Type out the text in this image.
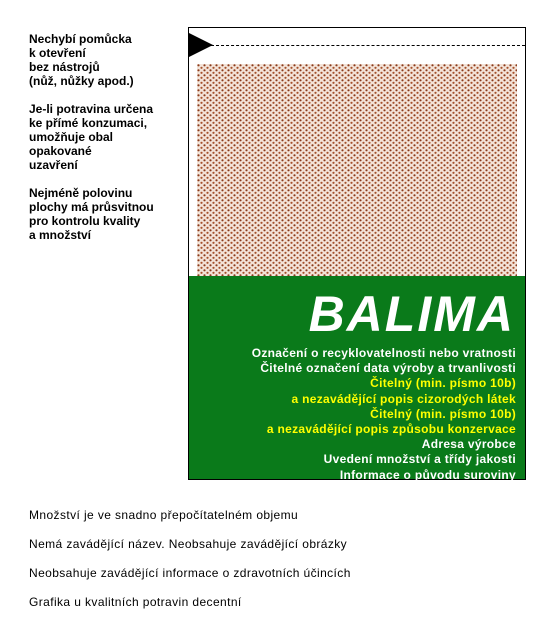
Nechybí pomůcka
k otevření
bez nástrojů
(nůž, nůžky apod.)
Je-li potravina určena
ke přímé konzumaci,
umožňuje obal
opakované
uzavření
Nejméně polovinu
plochy má průsvitnou
pro kontrolu kvality
a množství
BALIMA
Označení o recyklovatelnosti nebo vratnosti
Čitelné označení data výroby a trvanlivosti
Čitelný (min. písmo 10b)
a nezavádějící popis cizorodých látek
Čitelný (min. písmo 10b)
a nezavádějící popis způsobu konzervace
Adresa výrobce
Uvedení množství a třídy jakosti
Informace o původu suroviny
Množství je ve snadno přepočítatelném objemu
Nemá zavádějící název. Neobsahuje zavádějící obrázky
Neobsahuje zavádějící informace o zdravotních účincích
Grafika u kvalitních potravin decentní
